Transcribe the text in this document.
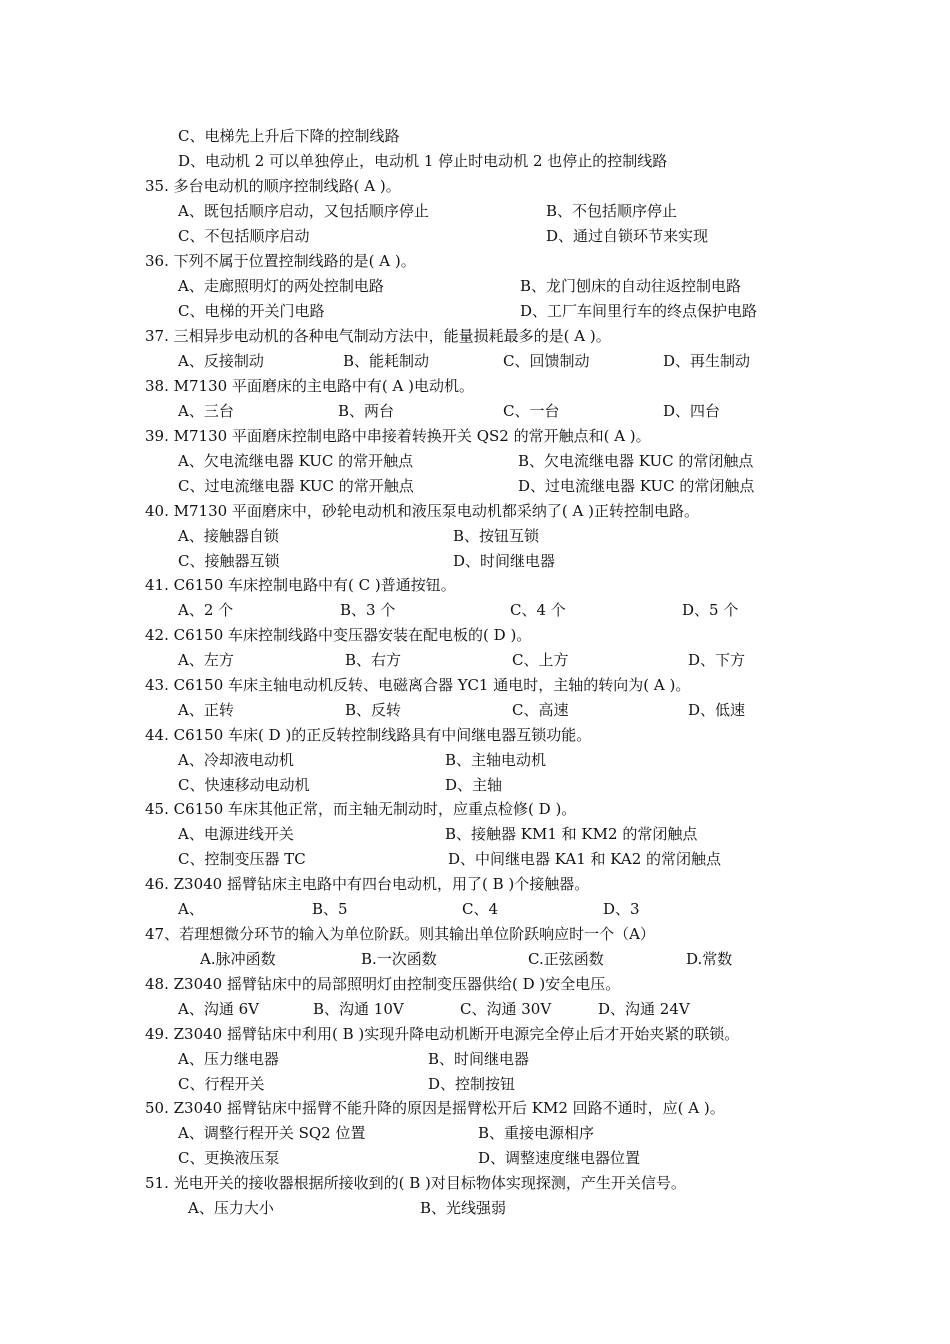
C、电梯先上升后下降的控制线路
D、电动机 2 可以单独停止，电动机 1 停止时电动机 2 也停止的控制线路
35. 多台电动机的顺序控制线路( A )。
A、既包括顺序启动，又包括顺序停止	B、不包括顺序停止
C、不包括顺序启动	D、通过自锁环节来实现
36. 下列不属于位置控制线路的是( A )。
A、走廊照明灯的两处控制电路	B、龙门刨床的自动往返控制电路
C、电梯的开关门电路	D、工厂车间里行车的终点保护电路
37. 三相异步电动机的各种电气制动方法中，能量损耗最多的是( A )。
A、反接制动	B、能耗制动	C、回馈制动	D、再生制动
38. M7130 平面磨床的主电路中有( A )电动机。
A、三台	B、两台	C、一台	D、四台
39. M7130 平面磨床控制电路中串接着转换开关 QS2 的常开触点和( A )。
A、欠电流继电器 KUC 的常开触点	B、欠电流继电器 KUC 的常闭触点
C、过电流继电器 KUC 的常开触点	D、过电流继电器 KUC 的常闭触点
40. M7130 平面磨床中，砂轮电动机和液压泵电动机都采纳了( A )正转控制电路。
A、接触器自锁	B、按钮互锁
C、接触器互锁	D、时间继电器
41. C6150 车床控制电路中有( C )普通按钮。
A、2 个	B、3 个	C、4 个	D、5 个
42. C6150 车床控制线路中变压器安装在配电板的( D )。
A、左方	B、右方	C、上方	D、下方
43. C6150 车床主轴电动机反转、电磁离合器 YC1 通电时，主轴的转向为( A )。
A、正转	B、反转	C、高速	D、低速
44. C6150 车床( D )的正反转控制线路具有中间继电器互锁功能。
A、冷却液电动机	B、主轴电动机
C、快速移动电动机	D、主轴
45. C6150 车床其他正常，而主轴无制动时，应重点检修( D )。
A、电源进线开关	B、接触器 KM1 和 KM2 的常闭触点
C、控制变压器 TC	D、中间继电器 KA1 和 KA2 的常闭触点
46. Z3040 摇臂钻床主电路中有四台电动机，用了( B )个接触器。
A、	B、5	C、4	D、3
47、若理想微分环节的输入为单位阶跃。则其输出单位阶跃响应时一个（A）
A.脉冲函数	B.一次函数	C.正弦函数	D.常数
48. Z3040 摇臂钻床中的局部照明灯由控制变压器供给( D )安全电压。
A、沟通 6V	B、沟通 10V	C、沟通 30V	D、沟通 24V
49. Z3040 摇臂钻床中利用( B )实现升降电动机断开电源完全停止后才开始夹紧的联锁。
A、压力继电器	B、时间继电器
C、行程开关	D、控制按钮
50. Z3040 摇臂钻床中摇臂不能升降的原因是摇臂松开后 KM2 回路不通时，应( A )。
A、调整行程开关 SQ2 位置	B、重接电源相序
C、更换液压泵	D、调整速度继电器位置
51. 光电开关的接收器根据所接收到的( B )对目标物体实现探测，产生开关信号。
A、压力大小	B、光线强弱
